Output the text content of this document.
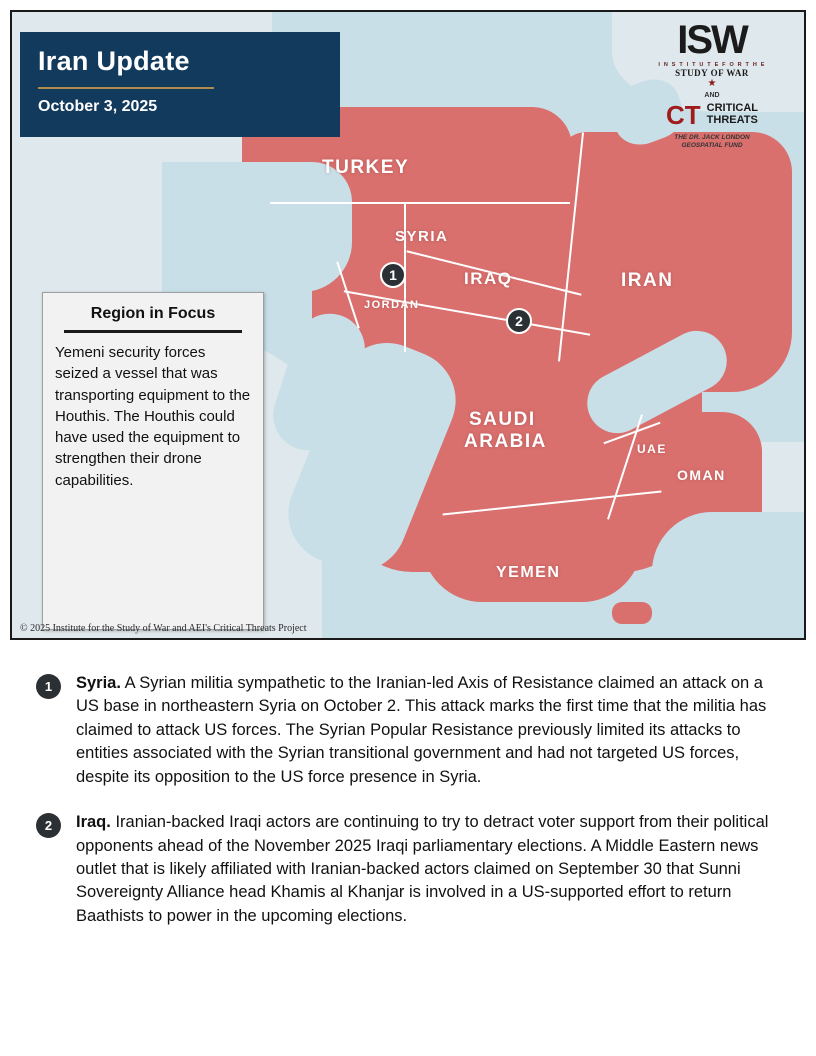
TURKEY
SYRIA
IRAQ	IRAN
JORDAN
SAUDI
ARABIA	UAE
OMAN
YEMEN
1
2
Iran Update
October 3, 2025
ISW
I N S T I T U T E F O R T H E
STUDY OF WAR
★
AND
CT CRITICAL
THREATS
THE DR. JACK LONDON
GEOSPATIAL FUND
Region in Focus

Yemeni security forces seized a vessel that was transporting equipment to the Houthis. The Houthis could have used the equipment to strengthen their drone capabilities.

© 2025 Institute for the Study of War and AEI's Critical Threats Project
1	Syria. A Syrian militia sympathetic to the Iranian-led Axis of Resistance claimed an attack on a US base in northeastern Syria on October 2. This attack marks the first time that the militia has claimed to attack US forces. The Syrian Popular Resistance previously limited its attacks to entities associated with the Syrian transitional government and had not targeted US forces, despite its opposition to the US force presence in Syria.
2	Iraq. Iranian-backed Iraqi actors are continuing to try to detract voter support from their political opponents ahead of the November 2025 Iraqi parliamentary elections. A Middle Eastern news outlet that is likely affiliated with Iranian-backed actors claimed on September 30 that Sunni Sovereignty Alliance head Khamis al Khanjar is involved in a US-supported effort to return Baathists to power in the upcoming elections.
